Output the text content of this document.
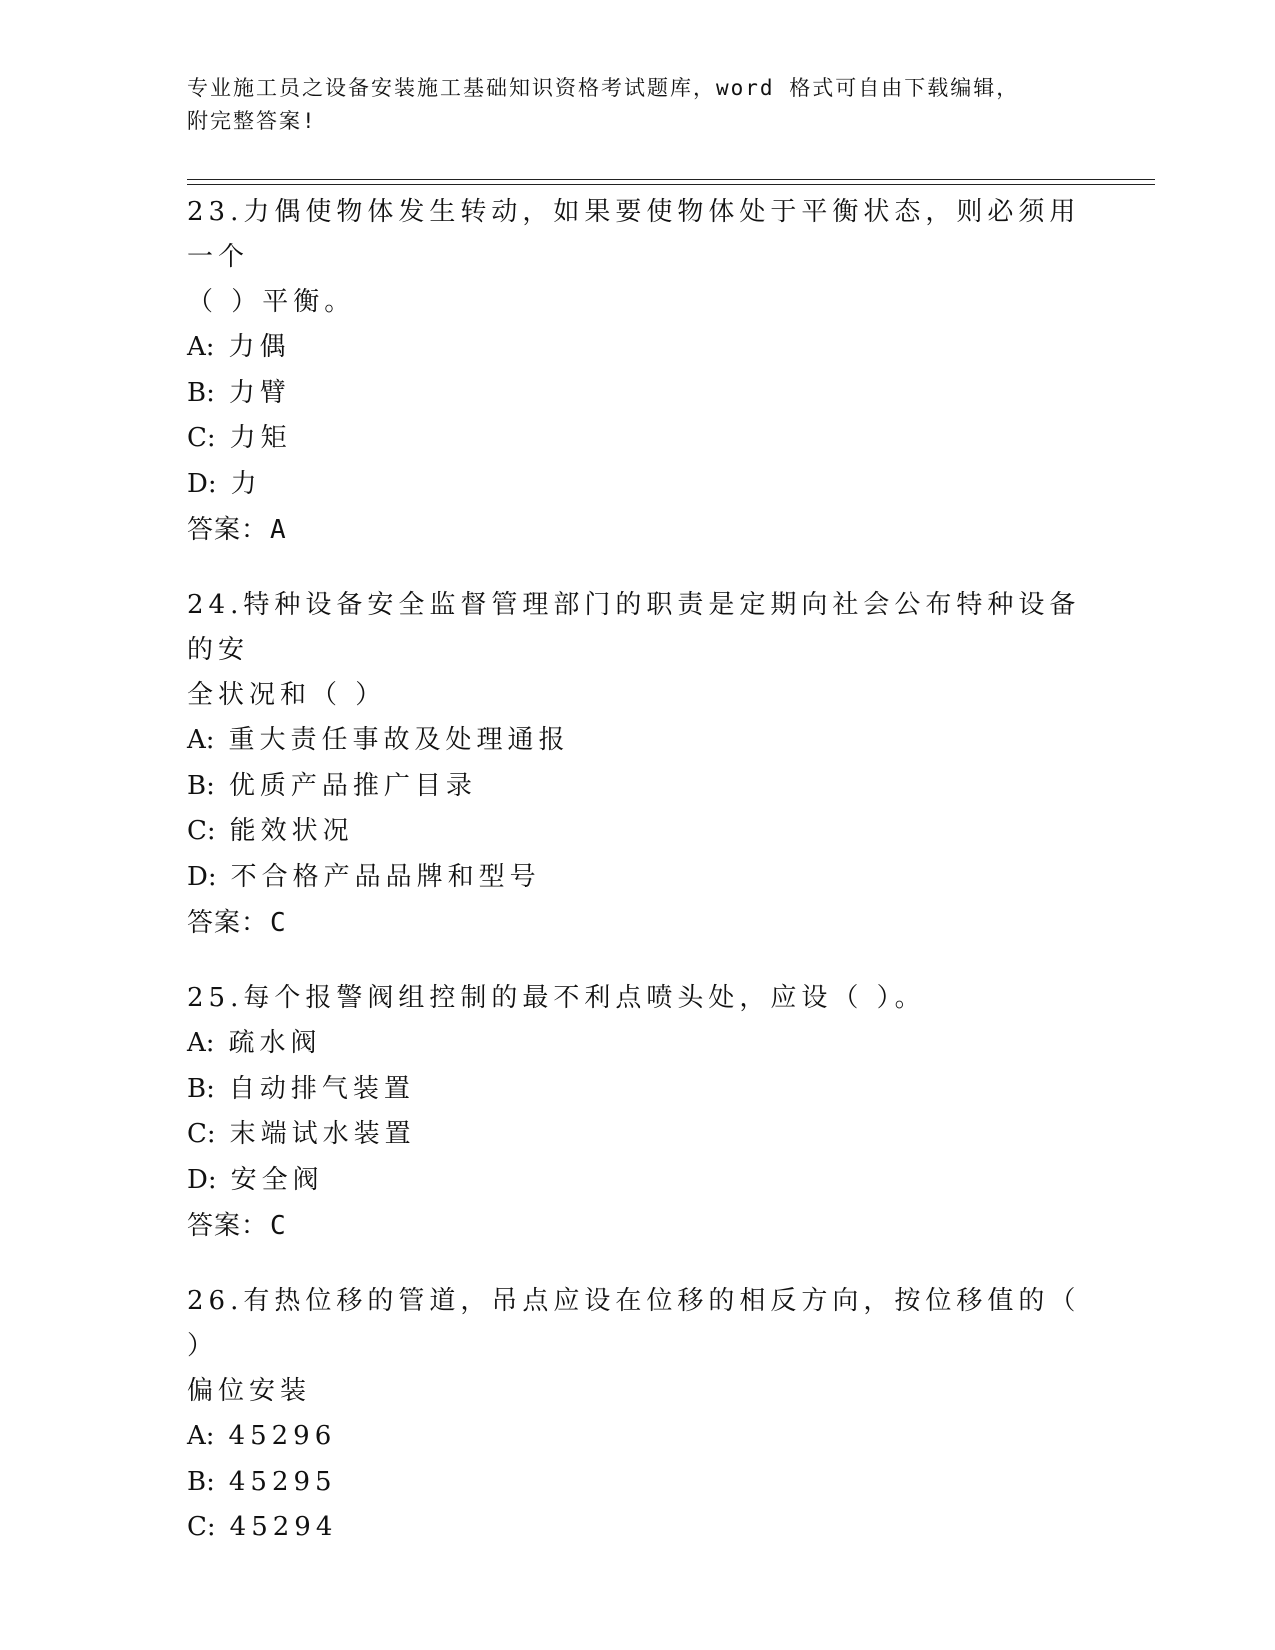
专业施工员之设备安装施工基础知识资格考试题库，word 格式可自由下载编辑，
附完整答案!
23.力偶使物体发生转动，如果要使物体处于平衡状态，则必须用一个
（ ）平衡。
A: 力偶
B: 力臂
C: 力矩
D: 力
答案：A
24.特种设备安全监督管理部门的职责是定期向社会公布特种设备的安
全状况和（ ）
A: 重大责任事故及处理通报
B: 优质产品推广目录
C: 能效状况
D: 不合格产品品牌和型号
答案：C
25.每个报警阀组控制的最不利点喷头处，应设（ ）。
A: 疏水阀
B: 自动排气装置
C: 末端试水装置
D: 安全阀
答案：C
26.有热位移的管道，吊点应设在位移的相反方向，按位移值的（ ）
偏位安装
A: 45296
B: 45295
C: 45294
